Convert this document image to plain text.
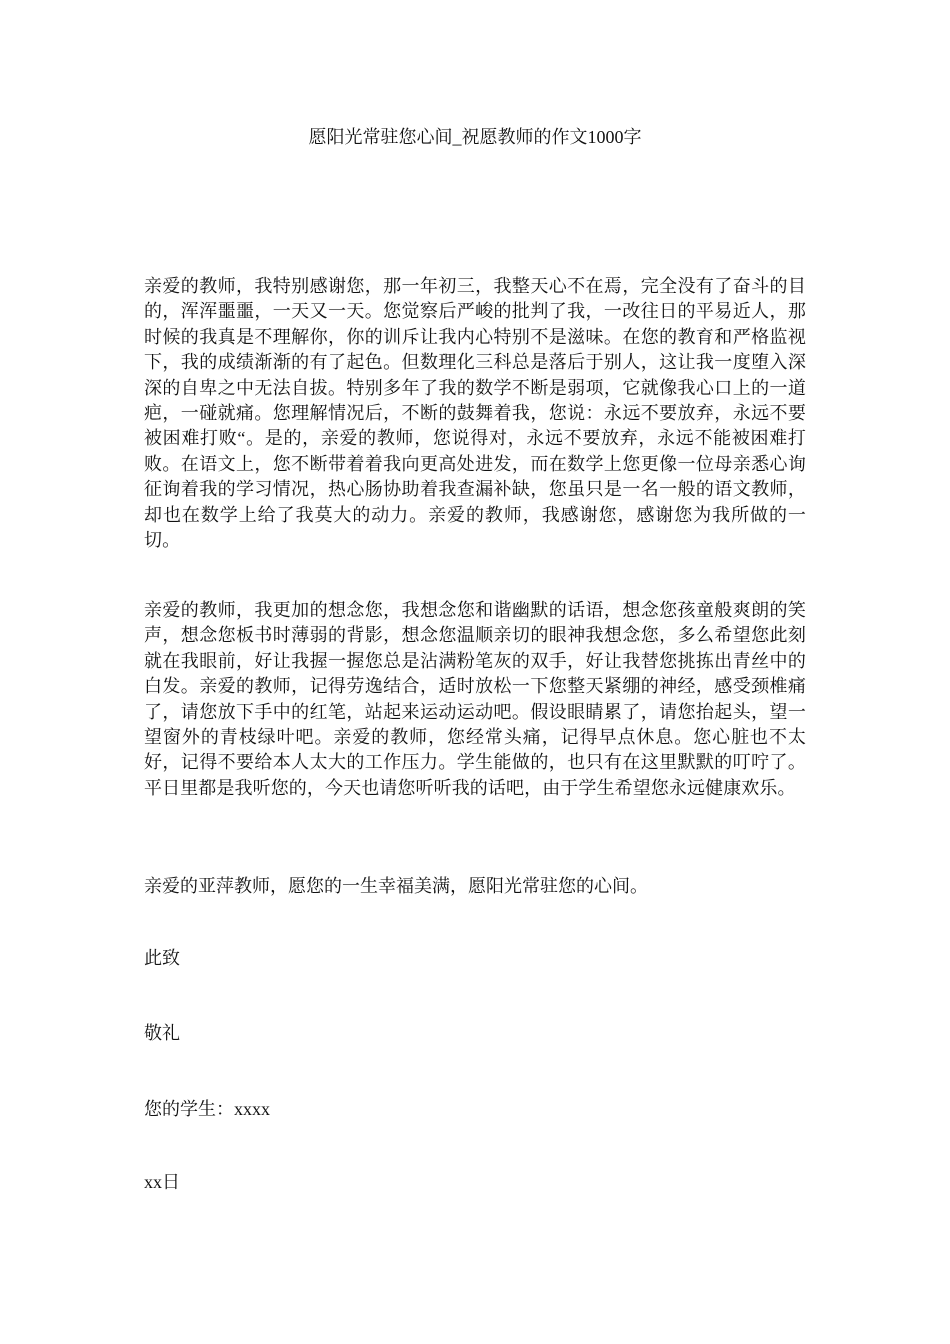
愿阳光常驻您心间_祝愿教师的作文1000字

亲爱的教师，我特别感谢您，那一年初三，我整天心不在焉，完全没有了奋斗的目的，浑浑噩噩，一天又一天。您觉察后严峻的批判了我，一改往日的平易近人，那时候的我真是不理解你，你的训斥让我内心特别不是滋味。在您的教育和严格监视下，我的成绩渐渐的有了起色。但数理化三科总是落后于别人，这让我一度堕入深深的自卑之中无法自拔。特别多年了我的数学不断是弱项，它就像我心口上的一道疤，一碰就痛。您理解情况后，不断的鼓舞着我，您说：永远不要放弃，永远不要被困难打败“。是的，亲爱的教师，您说得对，永远不要放弃，永远不能被困难打败。在语文上，您不断带着着我向更高处进发，而在数学上您更像一位母亲悉心询征询着我的学习情况，热心肠协助着我查漏补缺，您虽只是一名一般的语文教师，却也在数学上给了我莫大的动力。亲爱的教师，我感谢您，感谢您为我所做的一切。

亲爱的教师，我更加的想念您，我想念您和谐幽默的话语，想念您孩童般爽朗的笑声，想念您板书时薄弱的背影，想念您温顺亲切的眼神我想念您，多么希望您此刻就在我眼前，好让我握一握您总是沾满粉笔灰的双手，好让我替您挑拣出青丝中的白发。亲爱的教师，记得劳逸结合，适时放松一下您整天紧绷的神经，感受颈椎痛了，请您放下手中的红笔，站起来运动运动吧。假设眼睛累了，请您抬起头，望一望窗外的青枝绿叶吧。亲爱的教师，您经常头痛，记得早点休息。您心脏也不太好，记得不要给本人太大的工作压力。学生能做的，也只有在这里默默的叮咛了。平日里都是我听您的，今天也请您听听我的话吧，由于学生希望您永远健康欢乐。

亲爱的亚萍教师，愿您的一生幸福美满，愿阳光常驻您的心间。

此致

敬礼

您的学生：xxxx

xx日
